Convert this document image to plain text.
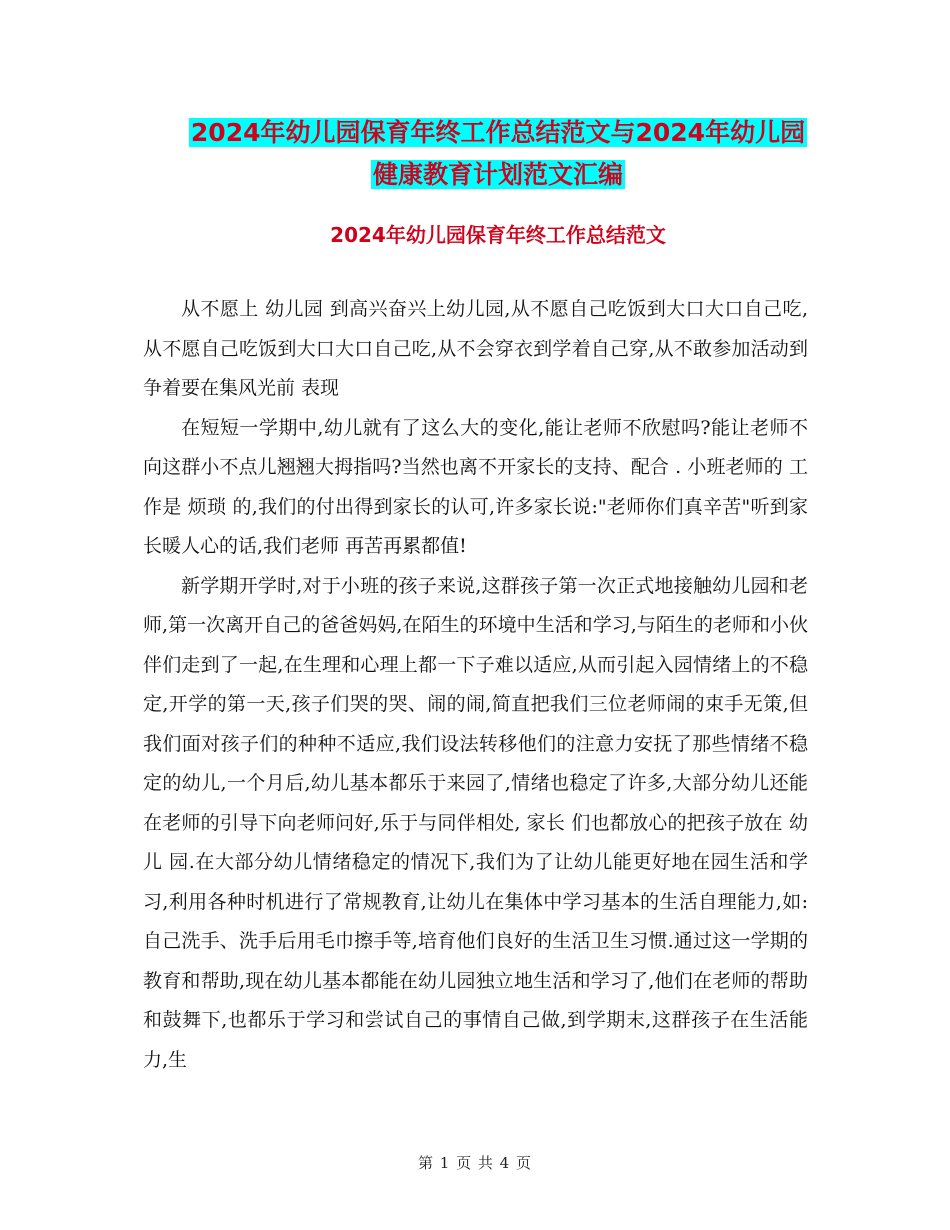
2024年幼儿园保育年终工作总结范文与2024年幼儿园
健康教育计划范文汇编
2024年幼儿园保育年终工作总结范文

从不愿上 幼儿园 到高兴奋兴上幼儿园,从不愿自己吃饭到大口大口自己吃,从不愿自己吃饭到大口大口自己吃,从不会穿衣到学着自己穿,从不敢参加活动到争着要在集风光前 表现

在短短一学期中,幼儿就有了这么大的变化,能让老师不欣慰吗?能让老师不向这群小不点儿翘翘大拇指吗?当然也离不开家长的支持、配合 . 小班老师的 工作是 烦琐 的,我们的付出得到家长的认可,许多家长说:"老师你们真辛苦"听到家长暖人心的话,我们老师 再苦再累都值!

新学期开学时,对于小班的孩子来说,这群孩子第一次正式地接触幼儿园和老师,第一次离开自己的爸爸妈妈,在陌生的环境中生活和学习,与陌生的老师和小伙伴们走到了一起,在生理和心理上都一下子难以适应,从而引起入园情绪上的不稳定,开学的第一天,孩子们哭的哭、闹的闹,简直把我们三位老师闹的束手无策,但我们面对孩子们的种种不适应,我们设法转移他们的注意力安抚了那些情绪不稳定的幼儿,一个月后,幼儿基本都乐于来园了,情绪也稳定了许多,大部分幼儿还能在老师的引导下向老师问好,乐于与同伴相处, 家长 们也都放心的把孩子放在 幼儿 园.在大部分幼儿情绪稳定的情况下,我们为了让幼儿能更好地在园生活和学习,利用各种时机进行了常规教育,让幼儿在集体中学习基本的生活自理能力,如:自己洗手、洗手后用毛巾擦手等,培育他们良好的生活卫生习惯.通过这一学期的教育和帮助,现在幼儿基本都能在幼儿园独立地生活和学习了,他们在老师的帮助和鼓舞下,也都乐于学习和尝试自己的事情自己做,到学期末,这群孩子在生活能力,生

第 1 页 共 4 页
